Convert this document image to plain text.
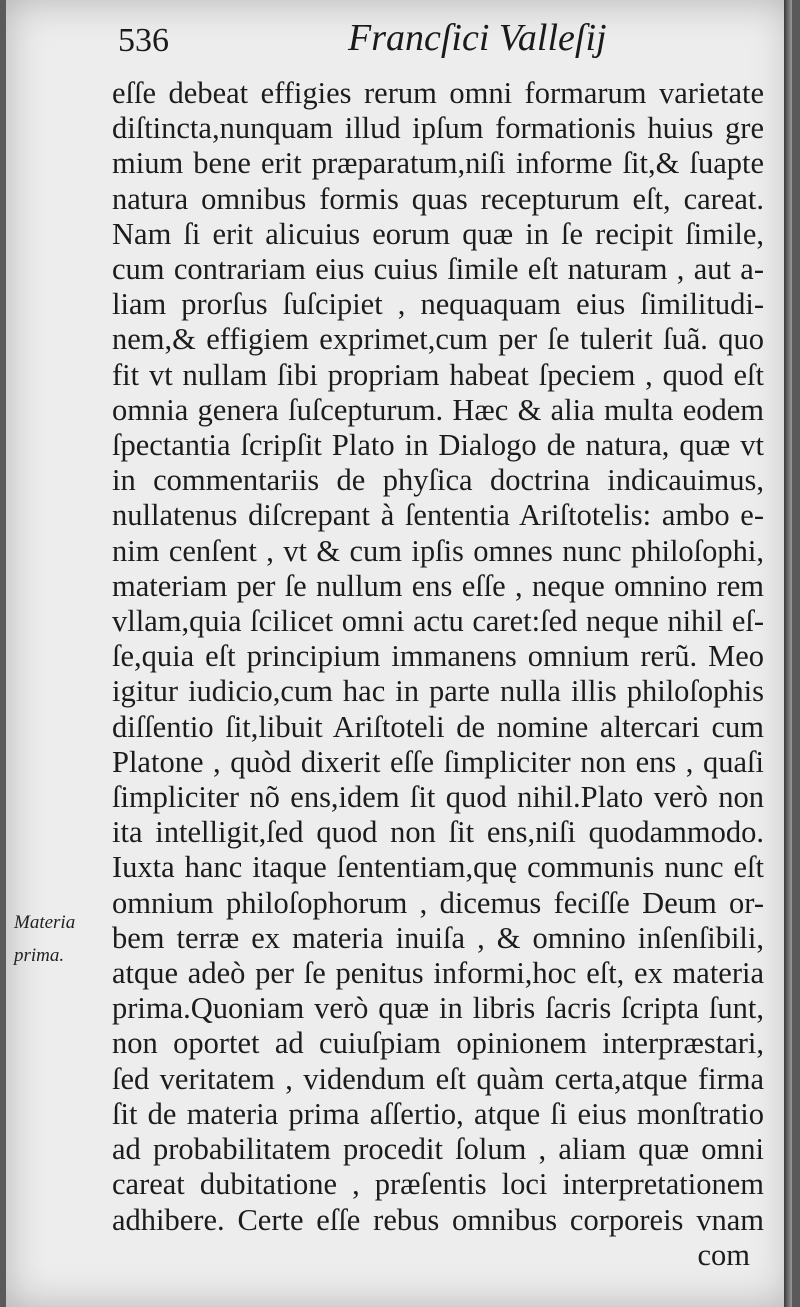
536	Francſici Valleſij
Materia
prima.
eſſe debeat effigies rerum omni formarum varietate
diſtincta,nunquam illud ipſum formationis huius gre
mium bene erit præparatum,niſi informe ſit,& ſuapte
natura omnibus formis quas recepturum eſt, careat.
Nam ſi erit alicuius eorum quæ in ſe recipit ſimile,
cum contrariam eius cuius ſimile eſt naturam , aut a-
liam prorſus ſuſcipiet , nequaquam eius ſimilitudi-
nem,& effigiem exprimet,cum per ſe tulerit ſuã. quo
fit vt nullam ſibi propriam habeat ſpeciem , quod eſt
omnia genera ſuſcepturum. Hæc & alia multa eodem
ſpectantia ſcripſit Plato in Dialogo de natura, quæ vt
in commentariis de phyſica doctrina indicauimus,
nullatenus diſcrepant à ſententia Ariſtotelis: ambo e-
nim cenſent , vt & cum ipſis omnes nunc philoſophi,
materiam per ſe nullum ens eſſe , neque omnino rem
vllam,quia ſcilicet omni actu caret:ſed neque nihil eſ-
ſe,quia eſt principium immanens omnium rerũ. Meo
igitur iudicio,cum hac in parte nulla illis philoſophis
diſſentio ſit,libuit Ariſtoteli de nomine altercari cum
Platone , quòd dixerit eſſe ſimpliciter non ens , quaſi
ſimpliciter nõ ens,idem ſit quod nihil.Plato verò non
ita intelligit,ſed quod non ſit ens,niſi quodammodo.
Iuxta hanc itaque ſententiam,quę communis nunc eſt
omnium philoſophorum , dicemus feciſſe Deum or-
bem terræ ex materia inuiſa , & omnino inſenſibili,
atque adeò per ſe penitus informi,hoc eſt, ex materia
prima.Quoniam verò quæ in libris ſacris ſcripta ſunt,
non oportet ad cuiuſpiam opinionem interpræstari,
ſed veritatem , videndum eſt quàm certa,atque firma
ſit de materia prima aſſertio, atque ſi eius monſtratio
ad probabilitatem procedit ſolum , aliam quæ omni
careat dubitatione , præſentis loci interpretationem
adhibere. Certe eſſe rebus omnibus corporeis vnam
com
